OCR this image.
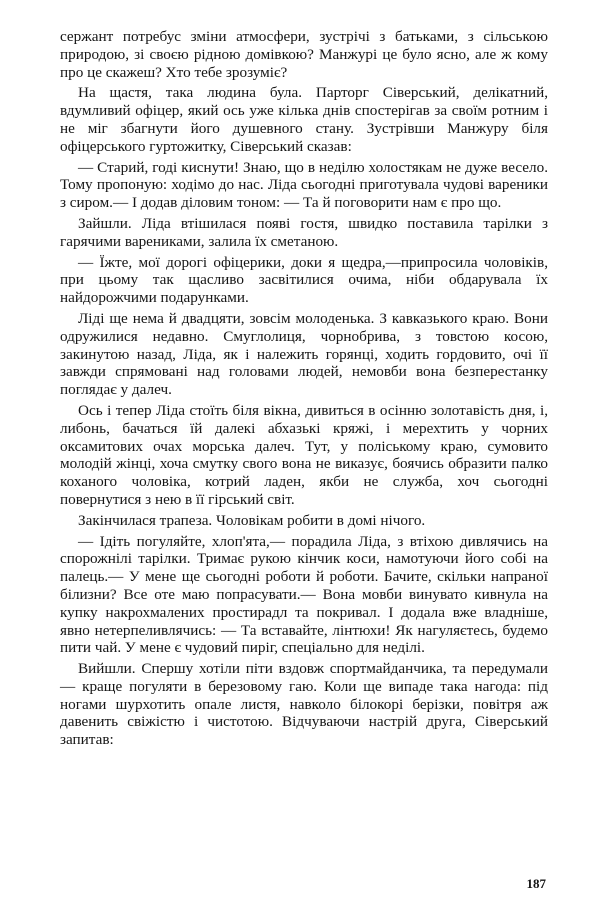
сержант потребус зміни атмосфери, зустрічі з батьками, з сільською природою, зі своєю рідною домівкою? Манжурі це було ясно, але ж кому про це скажеш? Хто тебе зрозуміє?

На щастя, така людина була. Парторг Сіверський, делікатний, вдумливий офіцер, який ось уже кілька днів спостерігав за своїм ротним і не міг збагнути його душевного стану. Зустрівши Манжуру біля офіцерського гуртожитку, Сіверський сказав:

— Старий, годі киснути! Знаю, що в неділю холостякам не дуже весело. Тому пропоную: ходімо до нас. Ліда сьогодні приготувала чудові вареники з сиром.— І додав діловим тоном: — Та й поговорити нам є про що.

Зайшли. Ліда втішилася появі гостя, швидко поставила тарілки з гарячими варениками, залила їх сметаною.

— Їжте, мої дорогі офіцерики, доки я щедра,—припросила чоловіків, при цьому так щасливо засвітилися очима, ніби обдарувала їх найдорожчими подарунками.

Ліді ще нема й двадцяти, зовсім молоденька. З кавказького краю. Вони одружилися недавно. Смуглолиця, чорнобрива, з товстою косою, закинутою назад, Ліда, як і належить горянці, ходить гордовито, очі її завжди спрямовані над головами людей, немовби вона безперестанку поглядає у далеч.

Ось і тепер Ліда стоїть біля вікна, дивиться в осінню золотавість дня, і, либонь, бачаться їй далекі абхазькі кряжі, і мерехтить у чорних оксамитових очах морська далеч. Тут, у поліському краю, сумовито молодій жінці, хоча смутку свого вона не виказує, боячись образити палко коханого чоловіка, котрий ладен, якби не служба, хоч сьогодні повернутися з нею в її гірський світ.

Закінчилася трапеза. Чоловікам робити в домі нічого.

— Ідіть погуляйте, хлоп'ята,— порадила Ліда, з втіхою дивлячись на спорожнілі тарілки. Тримає рукою кінчик коси, намотуючи його собі на палець.— У мене ще сьогодні роботи й роботи. Бачите, скільки напраної білизни? Все оте маю попрасувати.— Вона мовби винувато кивнула на купку накрохмалених простирадл та покривал. І додала вже владніше, явно нетерпеливлячись: — Та вставайте, лінтюхи! Як нагуляєтесь, будемо пити чай. У мене є чудовий пиріг, спеціально для неділі.

Вийшли. Спершу хотіли піти вздовж спортмайданчика, та передумали — краще погуляти в березовому гаю. Коли ще випаде така нагода: під ногами шурхотить опале листя, навколо білокорі берізки, повітря аж давенить свіжістю і чистотою. Відчуваючи настрій друга, Сіверський запитав:

187
